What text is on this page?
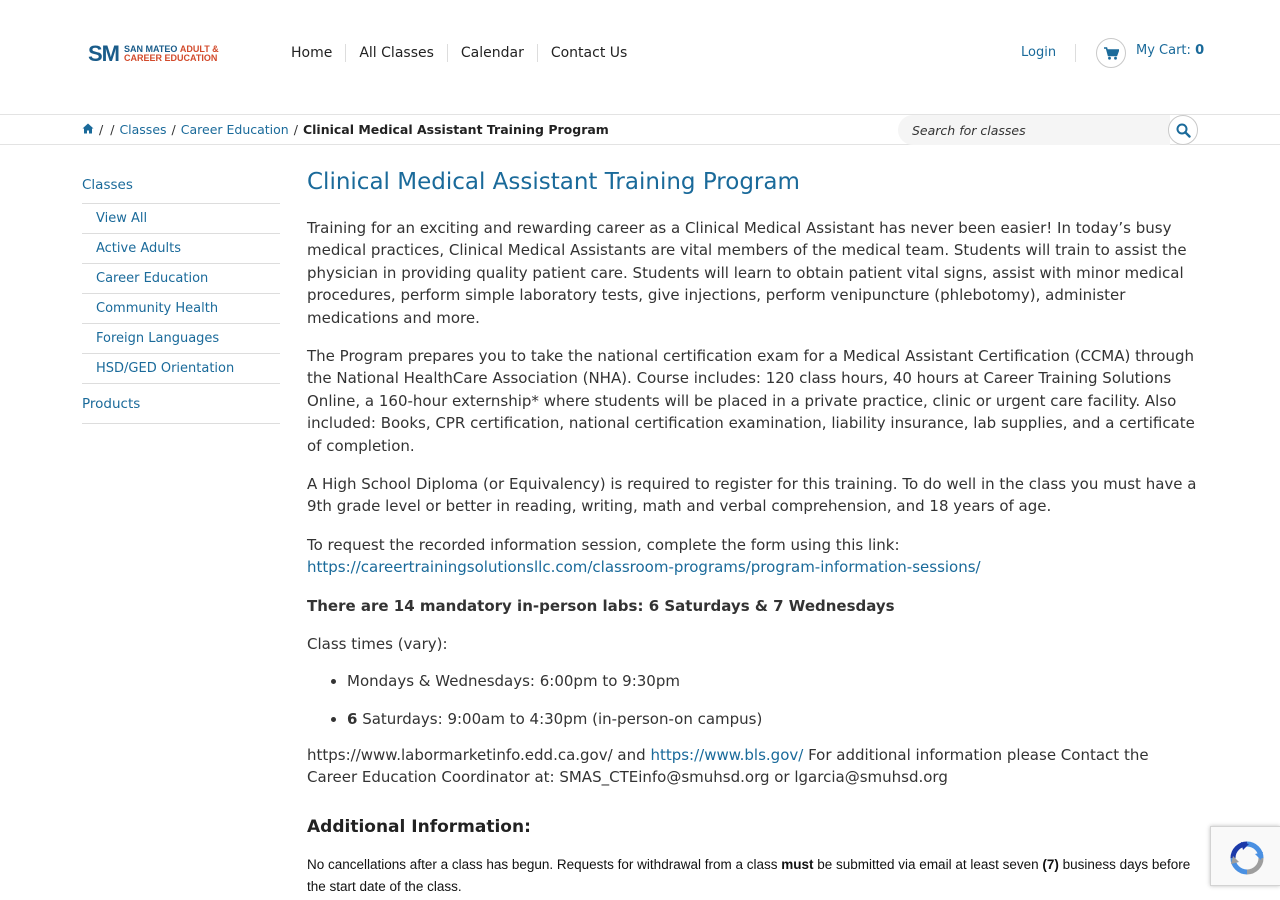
SM SAN MATEO ADULT &
CAREER EDUCATION	Home	All Classes	Calendar	Contact Us	Login	My Cart: 0
/ / Classes / Career Education / Clinical Medical Assistant Training Program
Search for classes
Classes
View All
Active Adults
Career Education
Community Health
Foreign Languages
HSD/GED Orientation
Products
Clinical Medical Assistant Training Program

Training for an exciting and rewarding career as a Clinical Medical Assistant has never been easier! In today’s busy medical practices, Clinical Medical Assistants are vital members of the medical team. Students will train to assist the physician in providing quality patient care. Students will learn to obtain patient vital signs, assist with minor medical procedures, perform simple laboratory tests, give injections, perform venipuncture (phlebotomy), administer medications and more.

The Program prepares you to take the national certification exam for a Medical Assistant Certification (CCMA) through the National HealthCare Association (NHA). Course includes: 120 class hours, 40 hours at Career Training Solutions Online, a 160-hour externship* where students will be placed in a private practice, clinic or urgent care facility. Also included: Books, CPR certification, national certification examination, liability insurance, lab supplies, and a certificate of completion.

A High School Diploma (or Equivalency) is required to register for this training. To do well in the class you must have a 9th grade level or better in reading, writing, math and verbal comprehension, and 18 years of age.

To request the recorded information session, complete the form using this link:
https://careertrainingsolutionsllc.com/classroom-programs/program-information-sessions/

There are 14 mandatory in-person labs: 6 Saturdays & 7 Wednesdays

Class times (vary):

• Mondays & Wednesdays: 6:00pm to 9:30pm
• 6 Saturdays: 9:00am to 4:30pm (in-person-on campus)

https://www.labormarketinfo.edd.ca.gov/ and https://www.bls.gov/ For additional information please Contact the Career Education Coordinator at: SMAS_CTEinfo@smuhsd.org or lgarcia@smuhsd.org

Additional Information:

No cancellations after a class has begun. Requests for withdrawal from a class must be submitted via email at least seven (7) business days before the start date of the class.
